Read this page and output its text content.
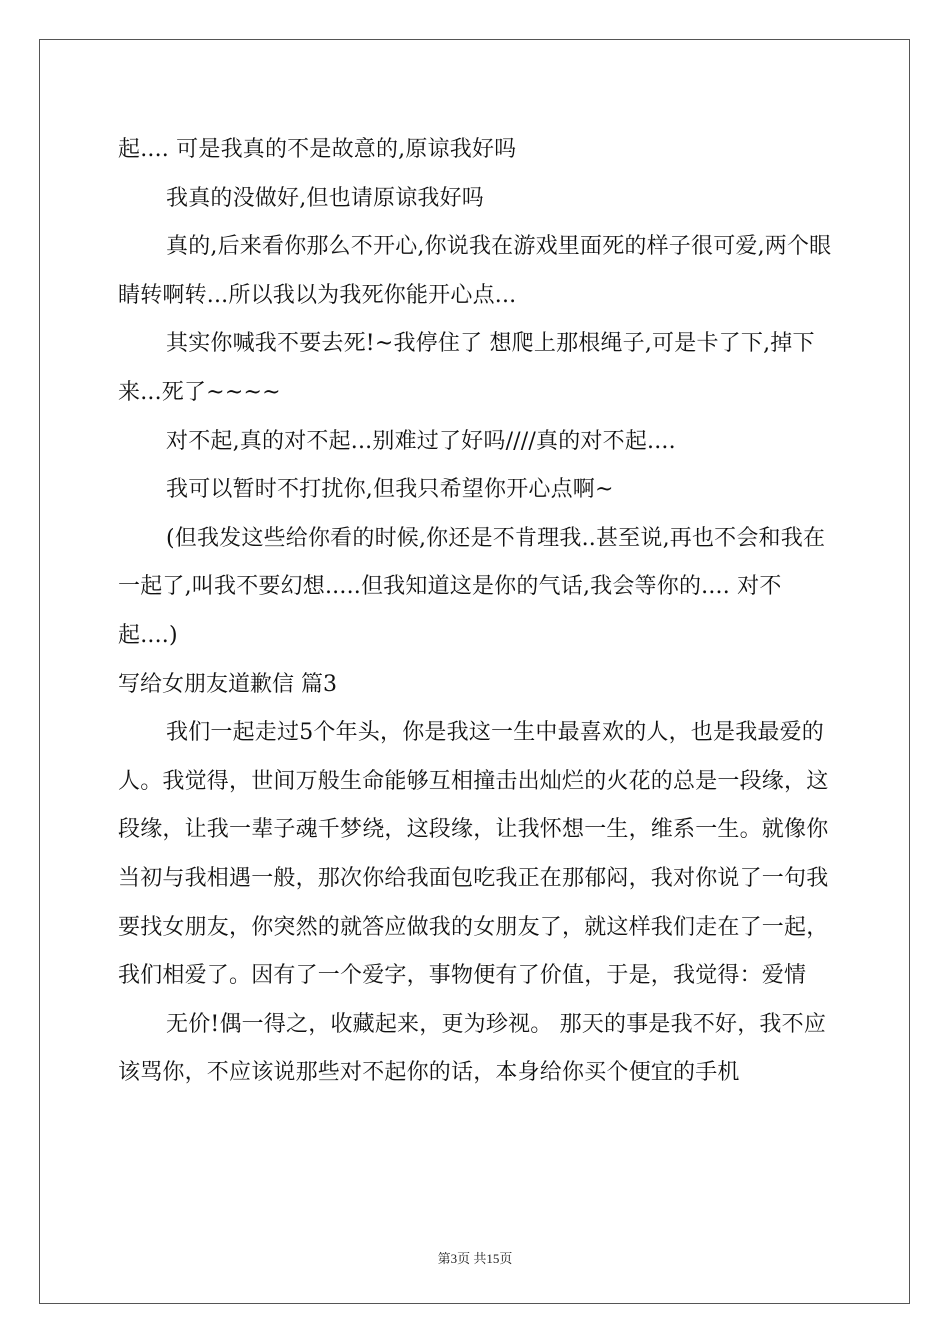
起.... 可是我真的不是故意的,原谅我好吗

我真的没做好,但也请原谅我好吗

真的,后来看你那么不开心,你说我在游戏里面死的样子很可爱,两个眼睛转啊转...所以我以为我死你能开心点...

其实你喊我不要去死!~我停住了 想爬上那根绳子,可是卡了下,掉下来...死了~~~~

对不起,真的对不起...别难过了好吗////真的对不起....

我可以暂时不打扰你,但我只希望你开心点啊~

(但我发这些给你看的时候,你还是不肯理我..甚至说,再也不会和我在一起了,叫我不要幻想.....但我知道这是你的气话,我会等你的.... 对不起....)

写给女朋友道歉信 篇3

我们一起走过5个年头，你是我这一生中最喜欢的人，也是我最爱的人。我觉得，世间万般生命能够互相撞击出灿烂的火花的总是一段缘，这段缘，让我一辈子魂千梦绕，这段缘，让我怀想一生，维系一生。就像你当初与我相遇一般，那次你给我面包吃我正在那郁闷，我对你说了一句我要找女朋友，你突然的就答应做我的女朋友了，就这样我们走在了一起，我们相爱了。因有了一个爱字，事物便有了价值，于是，我觉得：爱情

无价!偶一得之，收藏起来，更为珍视。 那天的事是我不好，我不应该骂你，不应该说那些对不起你的话，本身给你买个便宜的手机

第3页 共15页
